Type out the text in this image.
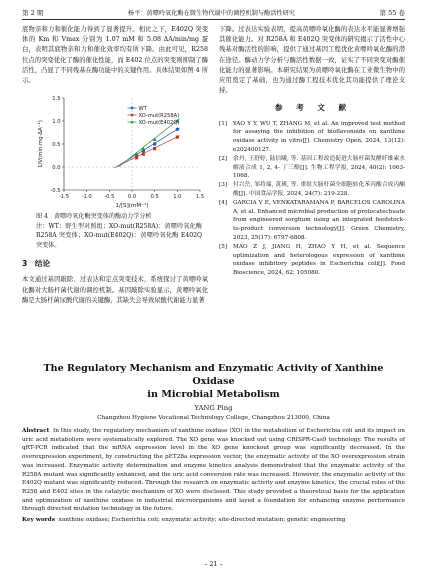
第 2 期	杨平：黄嘌呤氧化酶在微生物代谢中的调控机制与酶活性研究	第 55 卷

底物亲和力和催化能力得到了显著提升。相比之下，E402Q 突变体的 Km 和 Vmax 分别为 1.07 mM 和 5.08 ΔA/min/mg 蛋白，表明其底物亲和力和催化效率均有所下降。由此可见，R258 位点的突变优化了酶的催化性能，而 E402 位点的突变则抑制了酶活性，凸显了不同残基在酶功能中的关键作用。具体结果如图 4 所示。

-1.5 -1.0 -0.5	0.0	0.5	1.0	1.5
-0.5
0.0
0.5
1.0
1.5
1/[S](mM⁻¹)
1/V(min·mg·ΔA⁻¹)
WT
XO-mut(R258A)
XO-mut(E402Q)
图 4　黄嘌呤氧化酶突变体的酶动力学分析
注：WT：野生型对照组；XO-mut(R258A)：黄嘌呤氧化酶 R258A 突变体；XO-mut(E402Q)：黄嘌呤氧化酶 E402Q 突变体。
3　结论

本文通过基因敲除、过表达和定点突变技术，系统探讨了黄嘌呤氧化酶对大肠杆菌代谢的调控机制。基因敲除实验显示，黄嘌呤氧化酶是大肠杆菌尿酸代谢的关键酶，其缺失会导致尿酸代谢能力显著

下降。过表达实验表明，提高黄嘌呤氧化酶的表达水平能显著增强其催化能力。对 R258A 和 E402Q 突变体的研究揭示了活性中心残基对酶活性的影响，提供了通过基因工程优化黄嘌呤氧化酶的潜在途径。酶动力学分析与酶活性数据一致，证实了不同突变对酶催化能力的显著影响。本研究结果为黄嘌呤氧化酶在工业微生物中的应用奠定了基础，也为通过酶工程技术优化其功能提供了理论支持。

参　考　文　献
[1]	YAO Y Y, WU T, ZHANG M, et al. An improved test method for assaying the inhibition of bioflavonoids on xanthine oxidase activity in vitro[J]. Chemistry Open, 2024, 13(12): e202400127.
[2]	余丹, 王舒婷, 陆信曦, 等. 基因工程改造促进大肠杆菌发酵纤维素水解液合成 1, 2, 4- 丁三醇[J]. 生物工程学报, 2024, 40(2): 1063-1068.
[3]	付兴岳, 邹将瑞, 黄瑛, 等. 重组大肠杆菌全细胞转化苯丙酸合成丙酮酸[J]. 中国食品学报, 2024, 24(7): 219-228.
[4]	GARCIA V E, VENKATARAMANA P, BARCELOS CAROLINA A, et al. Enhanced microbial production of protocatechuate from engineered sorghum using an integrated feedstock-to-product conversion technology[J]. Green Chemistry, 2023, 25(17): 6797-6808.
[5]	MAO Z J, JIANG H, ZHAO Y H, et al. Sequence optimization and heterologous expression of xanthine oxidase inhibitory peptides in Escherichia coli[J]. Food Bioscience, 2024, 62: 105080.
The Regulatory Mechanism and Enzymatic Activity of Xanthine Oxidase
in Microbial Metabolism
YANG Ping
Changzhou Hygiene Vocational Technology College, Changzhou 213000, China
Abstract In this study, the regulatory mechanism of xanthine oxidase (XO) in the metabolism of Escherichia coli and its impact on uric acid metabolism were systematically explored. The XO gene was knocked out using CRISPR-Cas9 technology. The results of qRT-PCR indicated that the mRNA expression level in the XO gene knockout group was significantly decreased. In the overexpression experiment, by constructing the pET28a expression vector, the enzymatic activity of the XO overexpression strain was increased. Enzymatic activity determination and enzyme kinetics analysis demonstrated that the enzymatic activity of the R258A mutant was significantly enhanced, and the uric acid conversion rate was increased. However, the enzymatic activity of the E402Q mutant was significantly reduced. Through the research on enzymatic activity and enzyme kinetics, the crucial roles of the R258 and E402 sites in the catalytic mechanism of XO were disclosed. This study provided a theoretical basis for the application and optimization of xanthine oxidase in industrial microorganisms and layed a foundation for enhancing enzyme performance through directed mutation technology in the future.
Key words xanthine oxidase; Escherichia coli; enzymatic activity; site-directed mutation; genetic engineering
– 21 –
